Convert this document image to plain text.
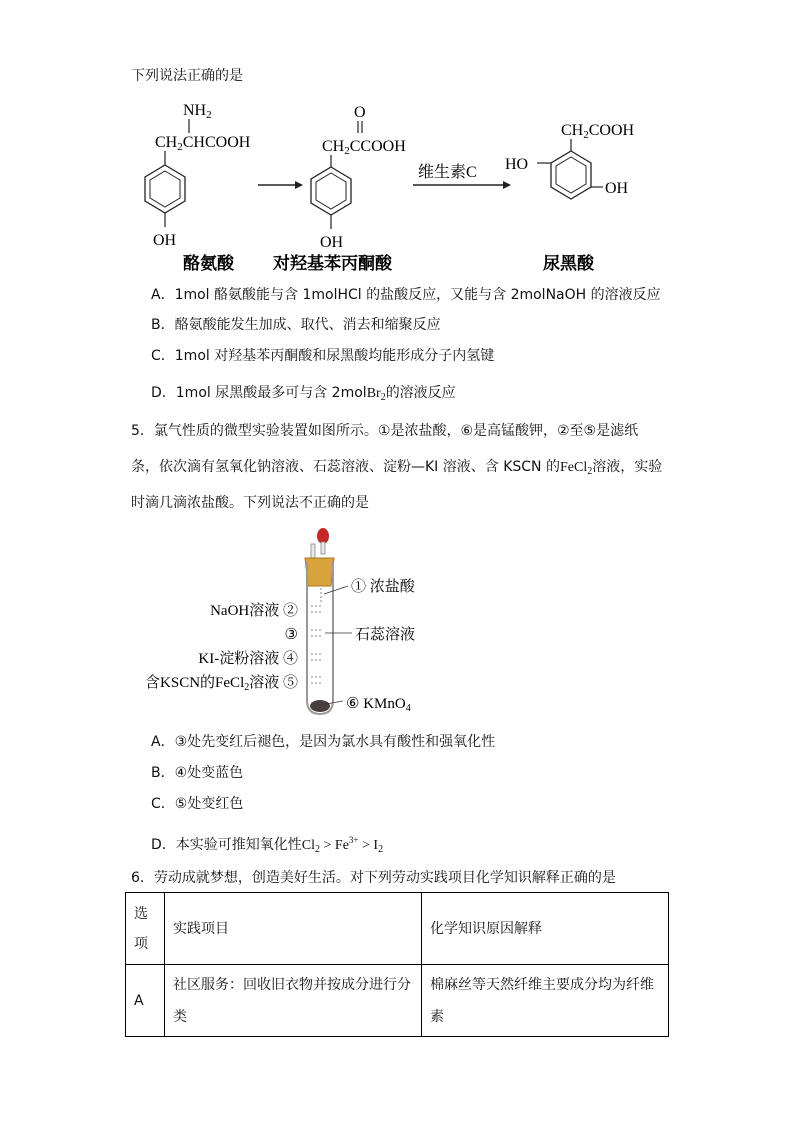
下列说法正确的是
NH2
CH2CHCOOH
OH
酪氨酸
O
CH2CCOOH
OH
对羟基苯丙酮酸
维生素C
CH2COOH
HO
OH
尿黑酸
A．1mol 酪氨酸能与含 1molHCl 的盐酸反应，又能与含 2molNaOH 的溶液反应
B．酪氨酸能发生加成、取代、消去和缩聚反应
C．1mol 对羟基苯丙酮酸和尿黑酸均能形成分子内氢键
D．1mol 尿黑酸最多可与含 2molBr$_2$的溶液反应
5．氯气性质的微型实验装置如图所示。①是浓盐酸，⑥是高锰酸钾，②至⑤是滤纸
条，依次滴有氢氧化钠溶液、石蕊溶液、淀粉—KI 溶液、含 KSCN 的FeCl$_2$溶液，实验
时滴几滴浓盐酸。下列说法不正确的是
① 浓盐酸
NaOH溶液 ②
③	石蕊溶液
KI-淀粉溶液 ④
含KSCN的FeCl$_2$溶液 ⑤
⑥ KMnO$_4$
A．③处先变红后褪色，是因为氯水具有酸性和强氧化性
B．④处变蓝色
C．⑤处变红色
D．本实验可推知氧化性$Cl_2 > Fe^{3+} > I_2$
6．劳动成就梦想，创造美好生活。对下列劳动实践项目化学知识解释正确的是
选项	实践项目	化学知识原因解释
A	社区服务：回收旧衣物并按成分进行分类	棉麻丝等天然纤维主要成分均为纤维素
